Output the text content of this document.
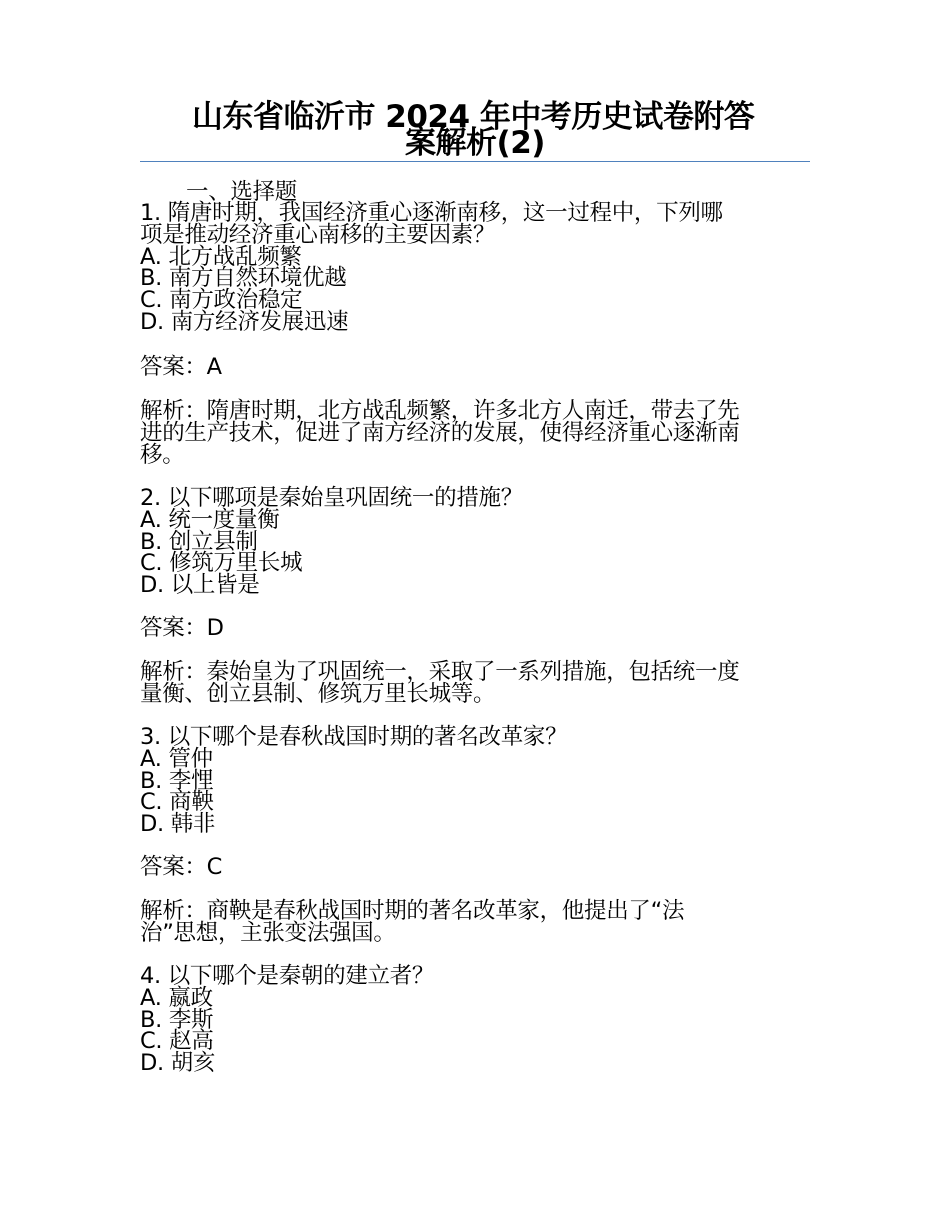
山东省临沂市 2024 年中考历史试卷附答
案解析(2)
一、选择题
1. 隋唐时期，我国经济重心逐渐南移，这一过程中，下列哪
项是推动经济重心南移的主要因素？
A. 北方战乱频繁
B. 南方自然环境优越
C. 南方政治稳定
D. 南方经济发展迅速
答案：A
解析：隋唐时期，北方战乱频繁，许多北方人南迁，带去了先
进的生产技术，促进了南方经济的发展，使得经济重心逐渐南
移。
2. 以下哪项是秦始皇巩固统一的措施？
A. 统一度量衡
B. 创立县制
C. 修筑万里长城
D. 以上皆是
答案：D
解析：秦始皇为了巩固统一，采取了一系列措施，包括统一度
量衡、创立县制、修筑万里长城等。
3. 以下哪个是春秋战国时期的著名改革家？
A. 管仲
B. 李悝
C. 商鞅
D. 韩非
答案：C
解析：商鞅是春秋战国时期的著名改革家，他提出了“法
治”思想，主张变法强国。
4. 以下哪个是秦朝的建立者？
A. 嬴政
B. 李斯
C. 赵高
D. 胡亥
